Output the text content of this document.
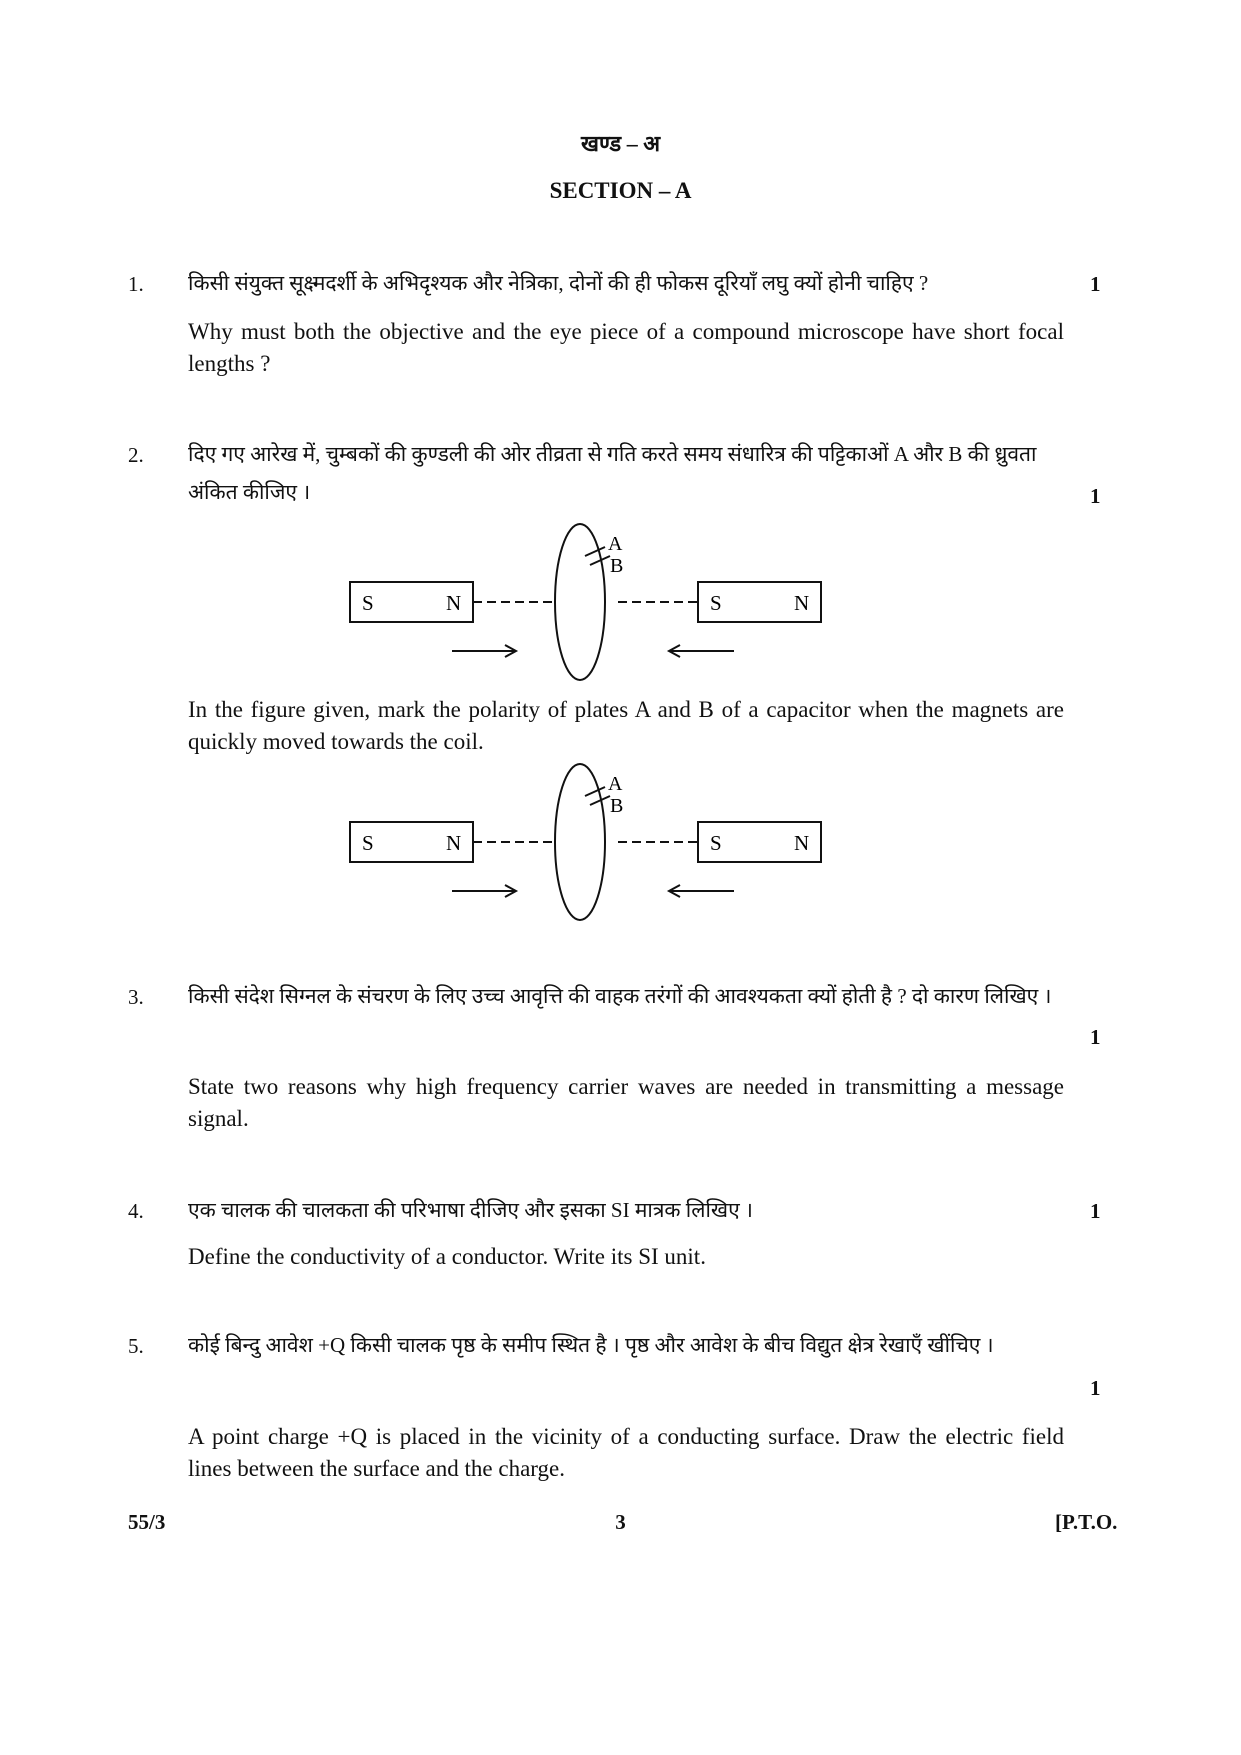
खण्ड – अ
SECTION – A
1. किसी संयुक्त सूक्ष्मदर्शी के अभिदृश्यक और नेत्रिका, दोनों की ही फोकस दूरियाँ लघु क्यों होनी चाहिए ?	1
Why must both the objective and the eye piece of a compound microscope have short focal lengths ?
2. दिए गए आरेख में, चुम्बकों की कुण्डली की ओर तीव्रता से गति करते समय संधारित्र की पट्टिकाओं A और B की ध्रुवता अंकित कीजिए ।	1
S	N
A
B
S	N
In the figure given, mark the polarity of plates A and B of a capacitor when the magnets are quickly moved towards the coil.
S	N
A
B
S	N
3. किसी संदेश सिग्नल के संचरण के लिए उच्च आवृत्ति की वाहक तरंगों की आवश्यकता क्यों होती है ? दो कारण लिखिए ।
1
State two reasons why high frequency carrier waves are needed in transmitting a message signal.
4. एक चालक की चालकता की परिभाषा दीजिए और इसका SI मात्रक लिखिए ।	1
Define the conductivity of a conductor. Write its SI unit.
5. कोई बिन्दु आवेश +Q किसी चालक पृष्ठ के समीप स्थित है । पृष्ठ और आवेश के बीच विद्युत क्षेत्र रेखाएँ खींचिए ।
1
A point charge +Q is placed in the vicinity of a conducting surface. Draw the electric field lines between the surface and the charge.
55/3	3	[P.T.O.
